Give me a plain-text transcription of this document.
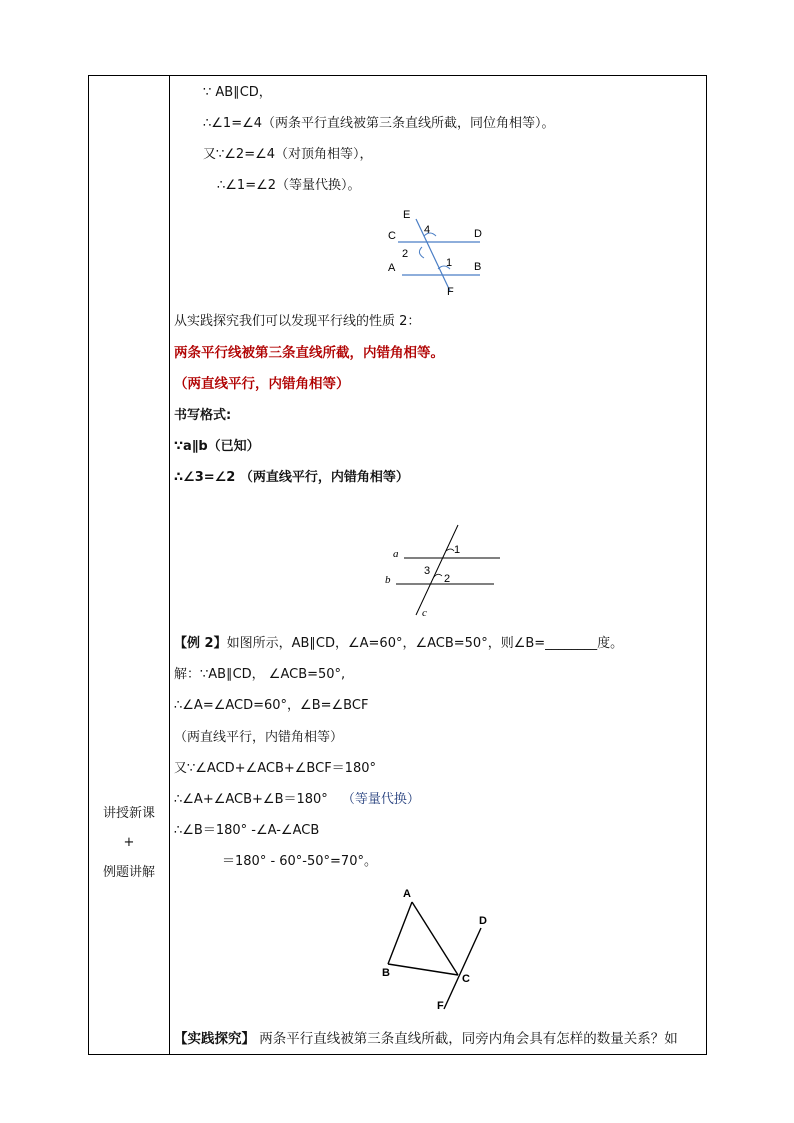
讲授新课
+
例题讲解
∵ AB∥CD，
∴∠1=∠4（两条平行直线被第三条直线所截，同位角相等）。
又∵∠2=∠4（对顶角相等），
∴∠1=∠2（等量代换）。
E
C	D
A	B
F
4
2
1
从实践探究我们可以发现平行线的性质 2：
两条平行线被第三条直线所截，内错角相等。
（两直线平行，内错角相等）
书写格式:
∵a∥b（已知）
∴∠3=∠2 （两直线平行，内错角相等）
a
b
c
1
3
2
【例 2】如图所示，AB∥CD，∠A=60°，∠ACB=50°，则∠B=________度。
解：∵AB∥CD， ∠ACB=50°,
∴∠A=∠ACD=60°，∠B=∠BCF
（两直线平行，内错角相等）
又∵∠ACD+∠ACB+∠BCF＝180°
∴∠A+∠ACB+∠B＝180° （等量代换）
∴∠B＝180° -∠A-∠ACB
＝180° - 60°-50°=70°。
A
B	C
D
F
【实践探究】 两条平行直线被第三条直线所截，同旁内角会具有怎样的数量关系？如
